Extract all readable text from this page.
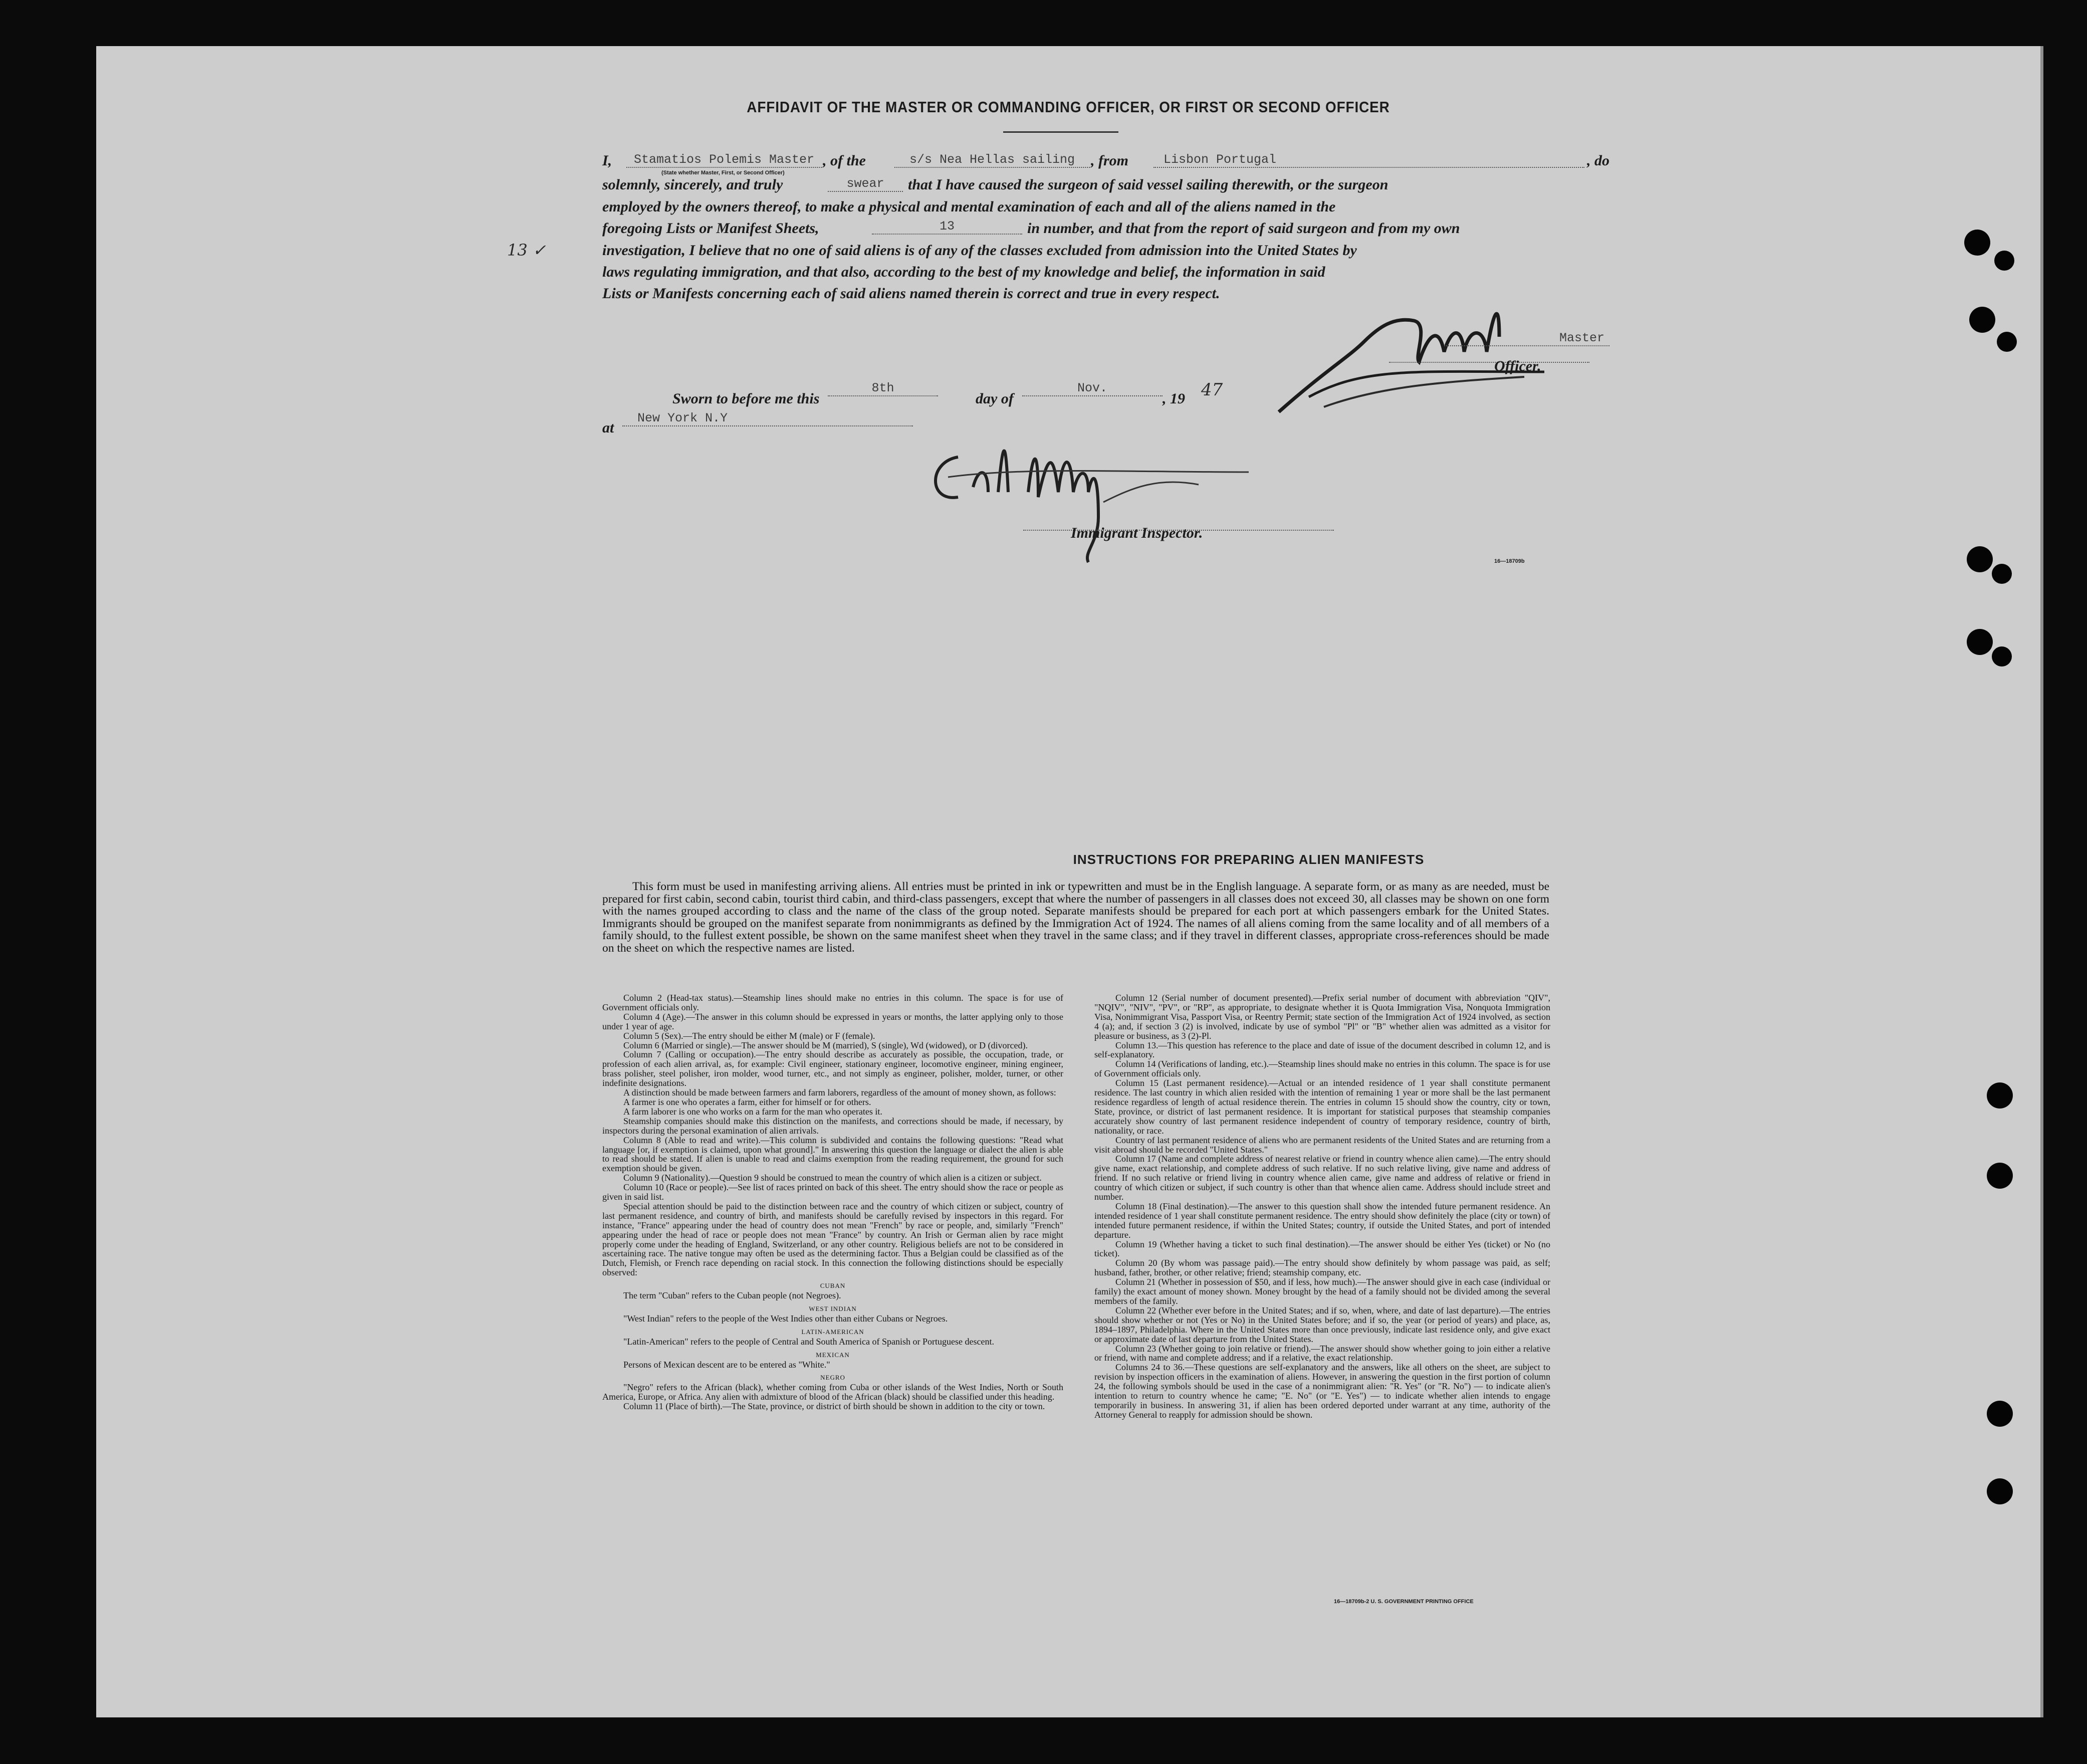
AFFIDAVIT OF THE MASTER OR COMMANDING OFFICER, OR FIRST OR SECOND OFFICER
I,	Stamatios Polemis Master , of the	s/s Nea Hellas sailing	, from	Lisbon Portugal	, do
(State whether Master, First, or Second Officer)
solemnly, sincerely, and truly	swear	that I have caused the surgeon of said vessel sailing therewith, or the surgeon
employed by the owners thereof, to make a physical and mental examination of each and all of the aliens named in the
foregoing Lists or Manifest Sheets,	13	in number, and that from the report of said surgeon and from my own
investigation, I believe that no one of said aliens is of any of the classes excluded from admission into the United States by
laws regulating immigration, and that also, according to the best of my knowledge and belief, the information in said
Lists or Manifests concerning each of said aliens named therein is correct and true in every respect.
Master
Officer.
Sworn to before me this
8th
day of
Nov.
, 19 47
at
New York N.Y
Immigrant Inspector.
16—18709b
13 ✓
INSTRUCTIONS FOR PREPARING ALIEN MANIFESTS
This form must be used in manifesting arriving aliens. All entries must be printed in ink or typewritten and must be in the English language. A separate form, or as many as are needed, must be prepared for first cabin, second cabin, tourist third cabin, and third-class passengers, except that where the number of passengers in all classes does not exceed 30, all classes may be shown on one form with the names grouped according to class and the name of the class of the group noted. Separate manifests should be prepared for each port at which passengers embark for the United States. Immigrants should be grouped on the manifest separate from nonimmigrants as defined by the Immigration Act of 1924. The names of all aliens coming from the same locality and of all members of a family should, to the fullest extent possible, be shown on the same manifest sheet when they travel in the same class; and if they travel in different classes, appropriate cross-references should be made on the sheet on which the respective names are listed.

Column 2 (Head-tax status).—Steamship lines should make no entries in this column. The space is for use of Government officials only.

Column 4 (Age).—The answer in this column should be expressed in years or months, the latter applying only to those under 1 year of age.

Column 5 (Sex).—The entry should be either M (male) or F (female).

Column 6 (Married or single).—The answer should be M (married), S (single), Wd (widowed), or D (divorced).

Column 7 (Calling or occupation).—The entry should describe as accurately as possible, the occupation, trade, or profession of each alien arrival, as, for example: Civil engineer, stationary engineer, locomotive engineer, mining engineer, brass polisher, steel polisher, iron molder, wood turner, etc., and not simply as engineer, polisher, molder, turner, or other indefinite designations.

A distinction should be made between farmers and farm laborers, regardless of the amount of money shown, as follows:

A farmer is one who operates a farm, either for himself or for others.

A farm laborer is one who works on a farm for the man who operates it.

Steamship companies should make this distinction on the manifests, and corrections should be made, if necessary, by inspectors during the personal examination of alien arrivals.

Column 8 (Able to read and write).—This column is subdivided and contains the following questions: "Read what language [or, if exemption is claimed, upon what ground]." In answering this question the language or dialect the alien is able to read should be stated. If alien is unable to read and claims exemption from the reading requirement, the ground for such exemption should be given.

Column 9 (Nationality).—Question 9 should be construed to mean the country of which alien is a citizen or subject.

Column 10 (Race or people).—See list of races printed on back of this sheet. The entry should show the race or people as given in said list.

Special attention should be paid to the distinction between race and the country of which citizen or subject, country of last permanent residence, and country of birth, and manifests should be carefully revised by inspectors in this regard. For instance, "France" appearing under the head of country does not mean "French" by race or people, and, similarly "French" appearing under the head of race or people does not mean "France" by country. An Irish or German alien by race might properly come under the heading of England, Switzerland, or any other country. Religious beliefs are not to be considered in ascertaining race. The native tongue may often be used as the determining factor. Thus a Belgian could be classified as of the Dutch, Flemish, or French race depending on racial stock. In this connection the following distinctions should be especially observed:

CUBAN

The term "Cuban" refers to the Cuban people (not Negroes).

WEST INDIAN

"West Indian" refers to the people of the West Indies other than either Cubans or Negroes.

LATIN-AMERICAN

"Latin-American" refers to the people of Central and South America of Spanish or Portuguese descent.

MEXICAN

Persons of Mexican descent are to be entered as "White."

NEGRO

"Negro" refers to the African (black), whether coming from Cuba or other islands of the West Indies, North or South America, Europe, or Africa. Any alien with admixture of blood of the African (black) should be classified under this heading.

Column 11 (Place of birth).—The State, province, or district of birth should be shown in addition to the city or town.

Column 12 (Serial number of document presented).—Prefix serial number of document with abbreviation "QIV", "NQIV", "NIV", "PV", or "RP", as appropriate, to designate whether it is Quota Immigration Visa, Nonquota Immigration Visa, Nonimmigrant Visa, Passport Visa, or Reentry Permit; state section of the Immigration Act of 1924 involved, as section 4 (a); and, if section 3 (2) is involved, indicate by use of symbol "Pl" or "B" whether alien was admitted as a visitor for pleasure or business, as 3 (2)-Pl.

Column 13.—This question has reference to the place and date of issue of the document described in column 12, and is self-explanatory.

Column 14 (Verifications of landing, etc.).—Steamship lines should make no entries in this column. The space is for use of Government officials only.

Column 15 (Last permanent residence).—Actual or an intended residence of 1 year shall constitute permanent residence. The last country in which alien resided with the intention of remaining 1 year or more shall be the last permanent residence regardless of length of actual residence therein. The entries in column 15 should show the country, city or town, State, province, or district of last permanent residence. It is important for statistical purposes that steamship companies accurately show country of last permanent residence independent of country of temporary residence, country of birth, nationality, or race.

Country of last permanent residence of aliens who are permanent residents of the United States and are returning from a visit abroad should be recorded "United States."

Column 17 (Name and complete address of nearest relative or friend in country whence alien came).—The entry should give name, exact relationship, and complete address of such relative. If no such relative living, give name and address of friend. If no such relative or friend living in country whence alien came, give name and address of relative or friend in country of which citizen or subject, if such country is other than that whence alien came. Address should include street and number.

Column 18 (Final destination).—The answer to this question shall show the intended future permanent residence. An intended residence of 1 year shall constitute permanent residence. The entry should show definitely the place (city or town) of intended future permanent residence, if within the United States; country, if outside the United States, and port of intended departure.

Column 19 (Whether having a ticket to such final destination).—The answer should be either Yes (ticket) or No (no ticket).

Column 20 (By whom was passage paid).—The entry should show definitely by whom passage was paid, as self; husband, father, brother, or other relative; friend; steamship company, etc.

Column 21 (Whether in possession of $50, and if less, how much).—The answer should give in each case (individual or family) the exact amount of money shown. Money brought by the head of a family should not be divided among the several members of the family.

Column 22 (Whether ever before in the United States; and if so, when, where, and date of last departure).—The entries should show whether or not (Yes or No) in the United States before; and if so, the year (or period of years) and place, as, 1894–1897, Philadelphia. Where in the United States more than once previously, indicate last residence only, and give exact or approximate date of last departure from the United States.

Column 23 (Whether going to join relative or friend).—The answer should show whether going to join either a relative or friend, with name and complete address; and if a relative, the exact relationship.

Columns 24 to 36.—These questions are self-explanatory and the answers, like all others on the sheet, are subject to revision by inspection officers in the examination of aliens. However, in answering the question in the first portion of column 24, the following symbols should be used in the case of a nonimmigrant alien: "R. Yes" (or "R. No") — to indicate alien's intention to return to country whence he came; "E. No" (or "E. Yes") — to indicate whether alien intends to engage temporarily in business. In answering 31, if alien has been ordered deported under warrant at any time, authority of the Attorney General to reapply for admission should be shown.

16—18709b-2 U. S. GOVERNMENT PRINTING OFFICE
